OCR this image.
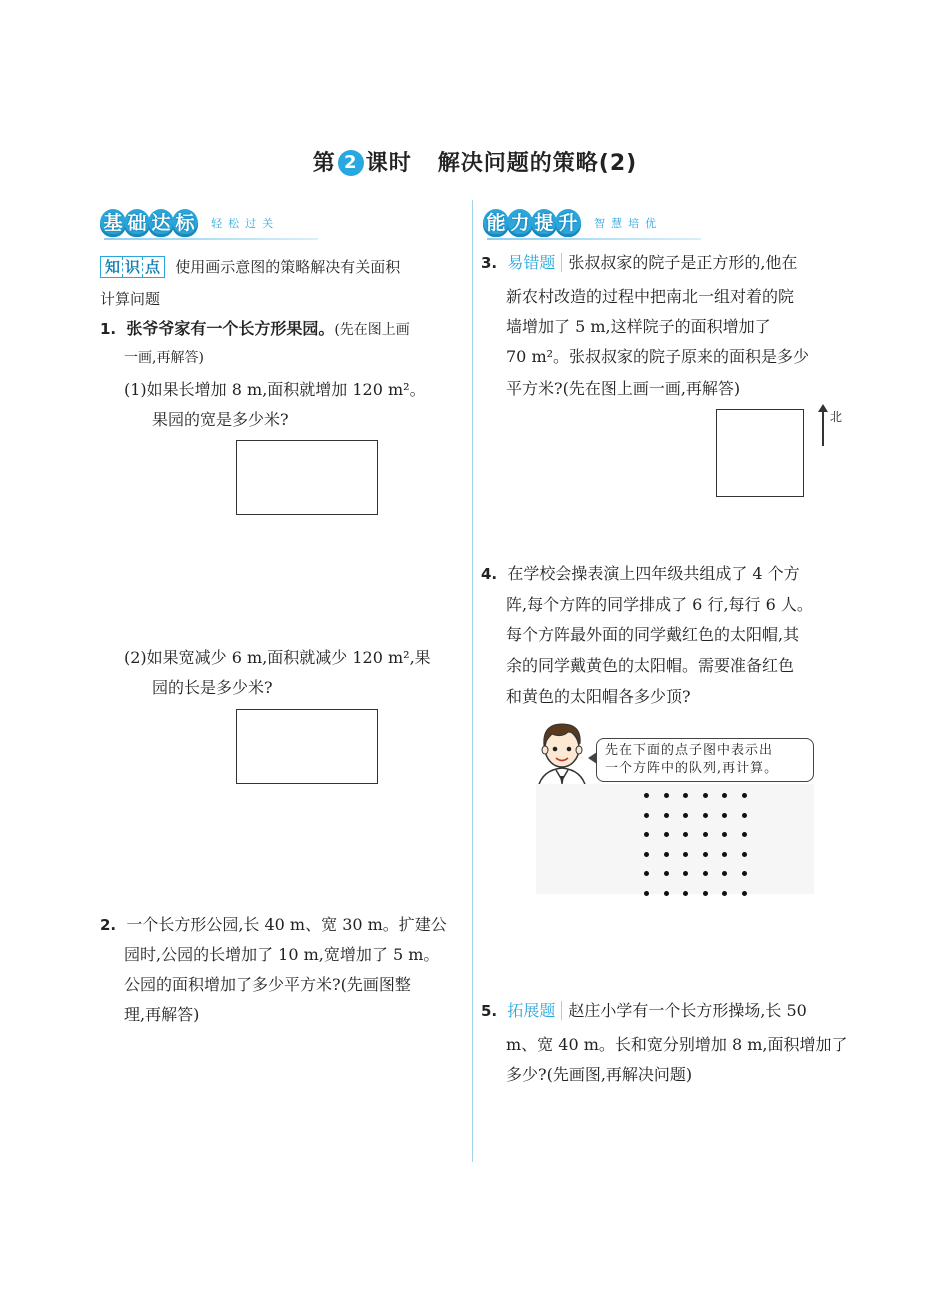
第 2 课时 解决问题的策略(2)
基 础 达 标 轻松过关	能 力 提 升 智慧培优
知 识 点 使用画示意图的策略解决有关面积
计算问题
1. 张爷爷家有一个长方形果园。(先在图上画
一画,再解答)
(1)如果长增加 8 m,面积就增加 120 m²。
果园的宽是多少米?
(2)如果宽减少 6 m,面积就减少 120 m²,果
园的长是多少米?
2. 一个长方形公园,长 40 m、宽 30 m。扩建公
园时,公园的长增加了 10 m,宽增加了 5 m。
公园的面积增加了多少平方米?(先画图整
理,再解答)
3. 易错题 张叔叔家的院子是正方形的,他在
新农村改造的过程中把南北一组对着的院
墙增加了 5 m,这样院子的面积增加了
70 m²。张叔叔家的院子原来的面积是多少
平方米?(先在图上画一画,再解答)
北
4. 在学校会操表演上四年级共组成了 4 个方
阵,每个方阵的同学排成了 6 行,每行 6 人。
每个方阵最外面的同学戴红色的太阳帽,其
余的同学戴黄色的太阳帽。需要准备红色
和黄色的太阳帽各多少顶?
先在下面的点子图中表示出
一个方阵中的队列,再计算。
5. 拓展题 赵庄小学有一个长方形操场,长 50
m、宽 40 m。长和宽分别增加 8 m,面积增加了
多少?(先画图,再解决问题)
